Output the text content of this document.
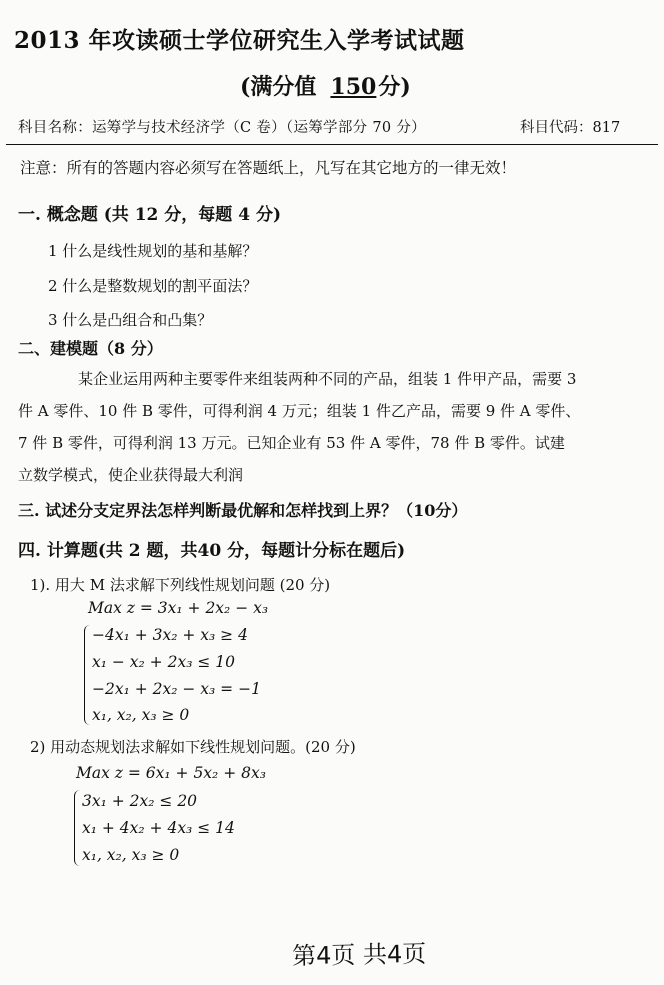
2013 年攻读硕士学位研究生入学考试试题
(满分值 150分)
科目名称：运筹学与技术经济学（C 卷）（运筹学部分 70 分）	科目代码：817
注意：所有的答题内容必须写在答题纸上，凡写在其它地方的一律无效！
一. 概念题 (共 12 分，每题 4 分)
1 什么是线性规划的基和基解？
2 什么是整数规划的割平面法？
3 什么是凸组合和凸集？
二、建模题（8 分）
某企业运用两种主要零件来组装两种不同的产品，组装 1 件甲产品，需要 3
件 A 零件、10 件 B 零件，可得利润 4 万元；组装 1 件乙产品，需要 9 件 A 零件、
7 件 B 零件，可得利润 13 万元。已知企业有 53 件 A 零件，78 件 B 零件。试建
立数学模式，使企业获得最大利润
三. 试述分支定界法怎样判断最优解和怎样找到上界？（10分）
四. 计算题(共 2 题，共40 分，每题计分标在题后)
1). 用大 M 法求解下列线性规划问题 (20 分)
Max z = 3x₁ + 2x₂ − x₃
−4x₁ + 3x₂ + x₃ ≥ 4
x₁ − x₂ + 2x₃ ≤ 10
−2x₁ + 2x₂ − x₃ = −1
x₁, x₂, x₃ ≥ 0
2) 用动态规划法求解如下线性规划问题。(20 分)
Max z = 6x₁ + 5x₂ + 8x₃
3x₁ + 2x₂ ≤ 20
x₁ + 4x₂ + 4x₃ ≤ 14
x₁, x₂, x₃ ≥ 0
第4页 共4页
